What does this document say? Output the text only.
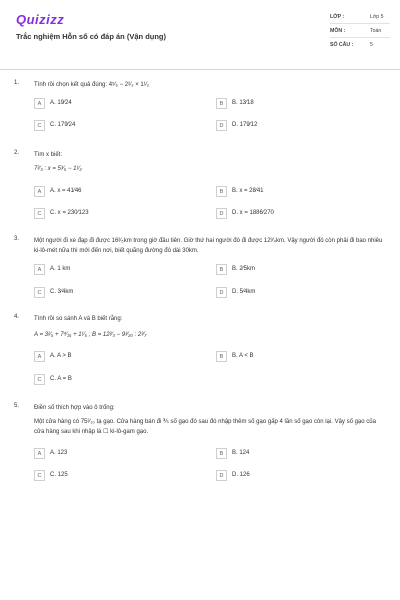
Quizizz
Trắc nghiệm Hỗn số có đáp án (Vận dụng)
LỚP :	Lớp 5
MÔN :	Toán
SỐ CÂU :	5
1. Tính rồi chọn kết quả đúng: 4⁵⁄₆ − 2²⁄₃ × 1¹⁄₂
A	A. 19⁄24	B	B. 13⁄18
C	C. 179⁄24	D	D. 179⁄12
2. Tìm x biết:
7²⁄₃ : x = 5³⁄₅ − 1¹⁄₂
A	A. x = 41⁄46	B	B. x = 28⁄41
C	C. x = 230⁄123	D	D. x = 1886⁄270
3. Một người đi xe đạp đi được 16²⁄₅km trong giờ đầu tiên. Giờ thứ hai người đó đi được 12³⁄₄km. Vậy người đó còn phải đi bao nhiêu ki-lô-mét nữa thì mới đến nơi, biết quãng đường đó dài 30km.
A	A. 1 km	B	B. 2⁄5km
C	C. 3⁄4km	D	D. 5⁄4km
4. Tính rồi so sánh A và B biết rằng:
A = 3²⁄₅ + 7⁴⁄₁₅ + 1¹⁄₅ ; B = 12²⁄₃ − 9³⁄₂₀ : 2³⁄₇
A	A. A > B	B	B. A < B
C	C. A = B
5. Điền số thích hợp vào ô trống:
Một cửa hàng có 75²⁄₁₀ tạ gạo. Cửa hàng bán đi ⅗ số gạo đó sau đó nhập thêm số gạo gấp 4 lần số gạo còn lại. Vậy số gạo của cửa hàng sau khi nhập là ☐ ki-lô-gam gạo.
A	A. 123	B	B. 124
C	C. 125	D	D. 126
